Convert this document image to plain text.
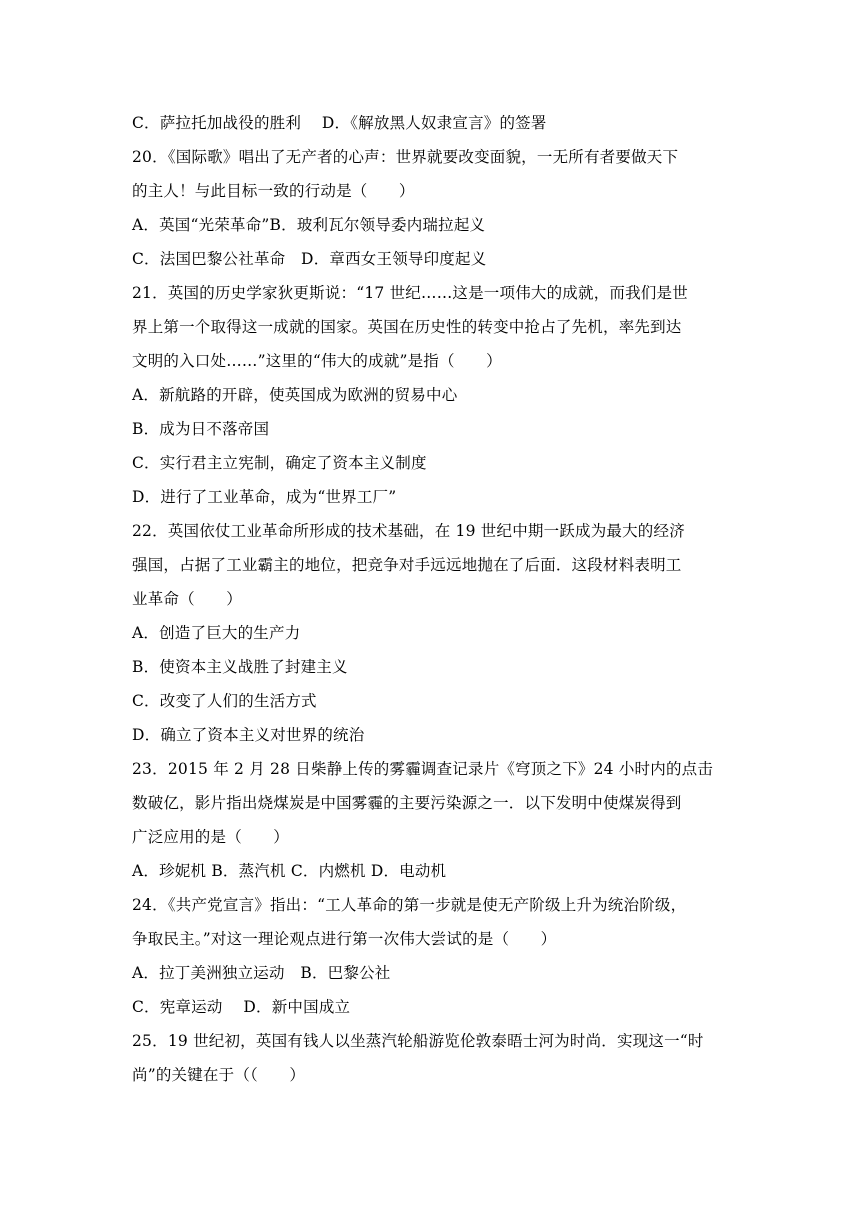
C．萨拉托加战役的胜利　 D．《解放黑人奴隶宣言》的签署
20．《国际歌》唱出了无产者的心声：世界就要改变面貌，一无所有者要做天下
的主人！与此目标一致的行动是（　　）
A．英国“光荣革命”B．玻利瓦尔领导委内瑞拉起义
C．法国巴黎公社革命　D．章西女王领导印度起义
21．英国的历史学家狄更斯说：“17 世纪……这是一项伟大的成就，而我们是世
界上第一个取得这一成就的国家。英国在历史性的转变中抢占了先机，率先到达
文明的入口处……”这里的“伟大的成就”是指（　　）
A．新航路的开辟，使英国成为欧洲的贸易中心
B．成为日不落帝国
C．实行君主立宪制，确定了资本主义制度
D．进行了工业革命，成为“世界工厂”
22．英国依仗工业革命所形成的技术基础，在 19 世纪中期一跃成为最大的经济
强国，占据了工业霸主的地位，把竞争对手远远地抛在了后面．这段材料表明工
业革命（　　）
A．创造了巨大的生产力
B．使资本主义战胜了封建主义
C．改变了人们的生活方式
D．确立了资本主义对世界的统治
23．2015 年 2 月 28 日柴静上传的雾霾调查记录片《穹顶之下》24 小时内的点击
数破亿，影片指出烧煤炭是中国雾霾的主要污染源之一．以下发明中使煤炭得到
广泛应用的是（　　）
A．珍妮机 B．蒸汽机 C．内燃机 D．电动机
24．《共产党宣言》指出：“工人革命的第一步就是使无产阶级上升为统治阶级，
争取民主。”对这一理论观点进行第一次伟大尝试的是（　　）
A．拉丁美洲独立运动　B．巴黎公社
C．宪章运动　 D．新中国成立
25．19 世纪初，英国有钱人以坐蒸汽轮船游览伦敦泰晤士河为时尚．实现这一“时
尚”的关键在于（（　　）
